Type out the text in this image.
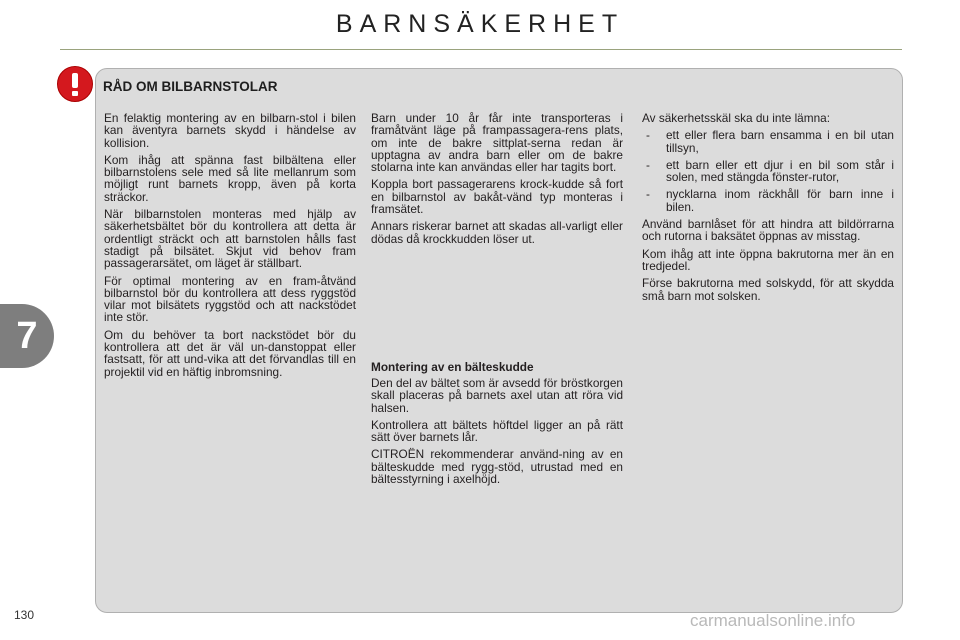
BARNSÄKERHET
7
RÅD OM BILBARNSTOLAR

En felaktig montering av en bilbarn-stol i bilen kan äventyra barnets skydd i händelse av kollision.

Kom ihåg att spänna fast bilbältena eller bilbarnstolens sele med så lite mellanrum som möjligt runt barnets kropp, även på korta sträckor.

När bilbarnstolen monteras med hjälp av säkerhetsbältet bör du kontrollera att detta är ordentligt sträckt och att barnstolen hålls fast stadigt på bilsätet. Skjut vid behov fram passagerarsätet, om läget är ställbart.

För optimal montering av en fram-åtvänd bilbarnstol bör du kontrollera att dess ryggstöd vilar mot bilsätets ryggstöd och att nackstödet inte stör.

Om du behöver ta bort nackstödet bör du kontrollera att det är väl un-danstoppat eller fastsatt, för att und-vika att det förvandlas till en projektil vid en häftig inbromsning.

Barn under 10 år får inte transporteras i framåtvänt läge på frampassagera-rens plats, om inte de bakre sittplat-serna redan är upptagna av andra barn eller om de bakre stolarna inte kan användas eller har tagits bort.

Koppla bort passagerarens krock-kudde så fort en bilbarnstol av bakåt-vänd typ monteras i framsätet.

Annars riskerar barnet att skadas all-varligt eller dödas då krockkudden löser ut.

Montering av en bälteskudde

Den del av bältet som är avsedd för bröstkorgen skall placeras på barnets axel utan att röra vid halsen.

Kontrollera att bältets höftdel ligger an på rätt sätt över barnets lår.

CITROËN rekommenderar använd-ning av en bälteskudde med rygg-stöd, utrustad med en bältesstyrning i axelhöjd.

Av säkerhetsskäl ska du inte lämna:

- ett eller flera barn ensamma i en bil utan tillsyn,

- ett barn eller ett djur i en bil som står i solen, med stängda fönster-rutor,

- nycklarna inom räckhåll för barn inne i bilen.

Använd barnlåset för att hindra att bildörrarna och rutorna i baksätet öppnas av misstag.

Kom ihåg att inte öppna bakrutorna mer än en tredjedel.

Förse bakrutorna med solskydd, för att skydda små barn mot solsken.

130	carmanualsonline.info
